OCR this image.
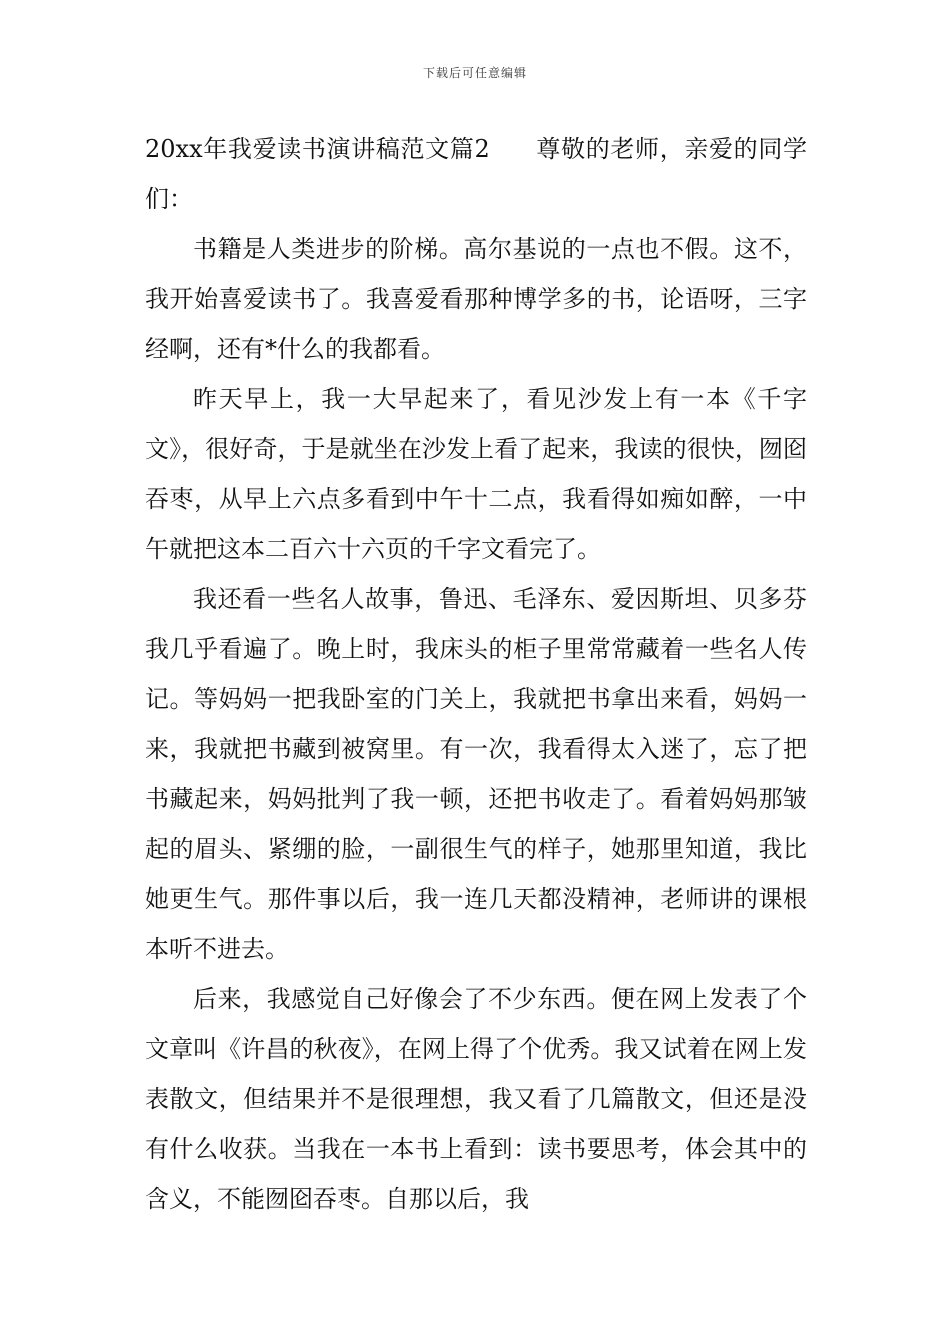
下载后可任意编辑

20xx年我爱读书演讲稿范文篇2 尊敬的老师，亲爱的同学们：

书籍是人类进步的阶梯。高尔基说的一点也不假。这不，我开始喜爱读书了。我喜爱看那种博学多的书，论语呀，三字经啊，还有*什么的我都看。

昨天早上，我一大早起来了，看见沙发上有一本《千字文》，很好奇，于是就坐在沙发上看了起来，我读的很快，囫囵吞枣，从早上六点多看到中午十二点，我看得如痴如醉，一中午就把这本二百六十六页的千字文看完了。

我还看一些名人故事，鲁迅、毛泽东、爱因斯坦、贝多芬我几乎看遍了。晚上时，我床头的柜子里常常藏着一些名人传记。等妈妈一把我卧室的门关上，我就把书拿出来看，妈妈一来，我就把书藏到被窝里。有一次，我看得太入迷了，忘了把书藏起来，妈妈批判了我一顿，还把书收走了。看着妈妈那皱起的眉头、紧绷的脸，一副很生气的样子，她那里知道，我比她更生气。那件事以后，我一连几天都没精神，老师讲的课根本听不进去。

后来，我感觉自己好像会了不少东西。便在网上发表了个文章叫《许昌的秋夜》，在网上得了个优秀。我又试着在网上发表散文，但结果并不是很理想，我又看了几篇散文，但还是没有什么收获。当我在一本书上看到：读书要思考，体会其中的含义，不能囫囵吞枣。自那以后，我
